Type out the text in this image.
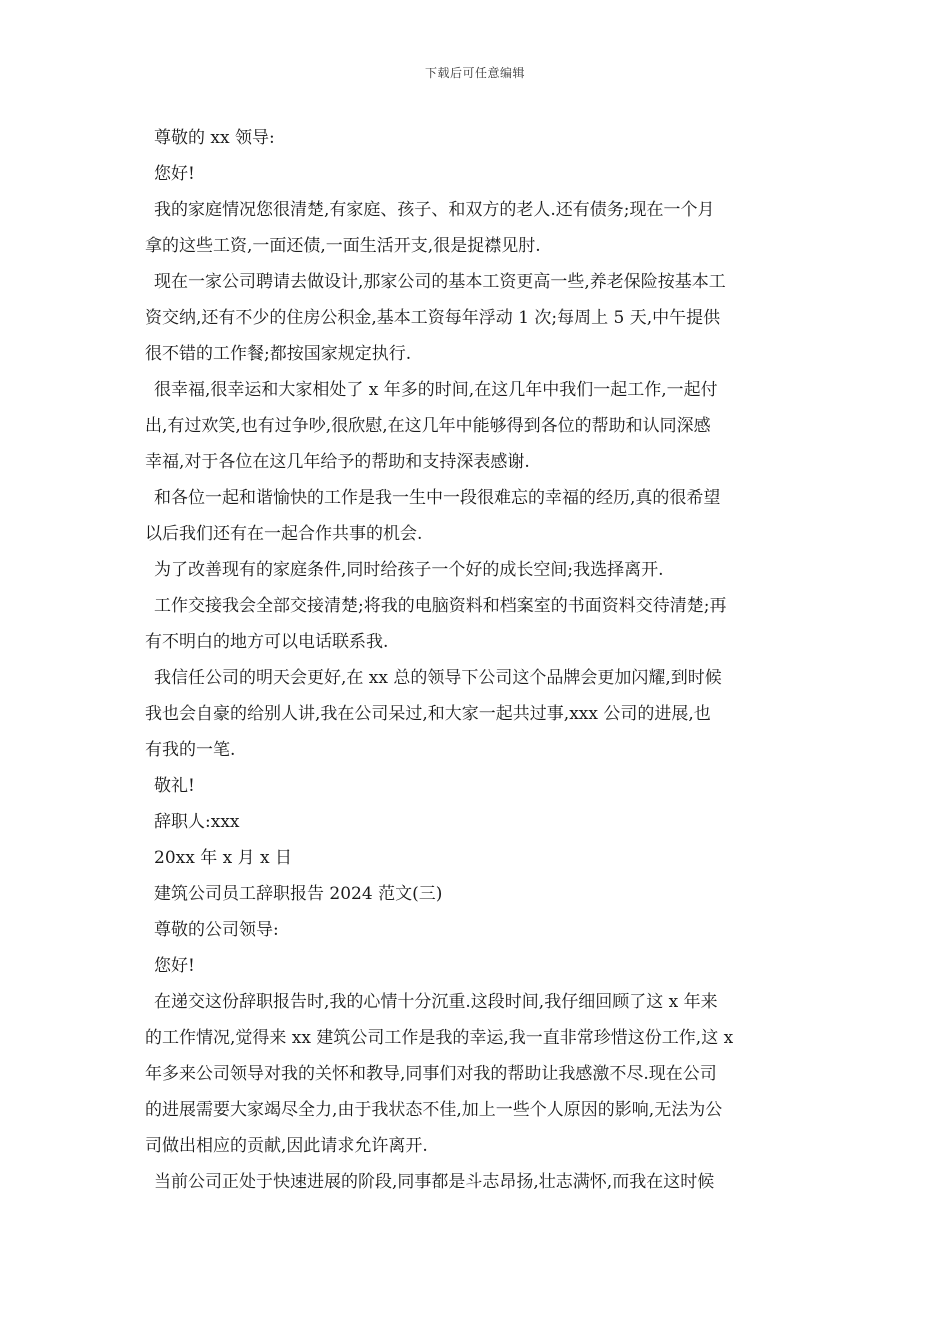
下载后可任意编辑
尊敬的 xx 领导:
您好!
我的家庭情况您很清楚,有家庭、孩子、和双方的老人.还有债务;现在一个月
拿的这些工资,一面还债,一面生活开支,很是捉襟见肘.
现在一家公司聘请去做设计,那家公司的基本工资更高一些,养老保险按基本工
资交纳,还有不少的住房公积金,基本工资每年浮动 1 次;每周上 5 天,中午提供
很不错的工作餐;都按国家规定执行.
很幸福,很幸运和大家相处了 x 年多的时间,在这几年中我们一起工作,一起付
出,有过欢笑,也有过争吵,很欣慰,在这几年中能够得到各位的帮助和认同深感
幸福,对于各位在这几年给予的帮助和支持深表感谢.
和各位一起和谐愉快的工作是我一生中一段很难忘的幸福的经历,真的很希望
以后我们还有在一起合作共事的机会.
为了改善现有的家庭条件,同时给孩子一个好的成长空间;我选择离开.
工作交接我会全部交接清楚;将我的电脑资料和档案室的书面资料交待清楚;再
有不明白的地方可以电话联系我.
我信任公司的明天会更好,在 xx 总的领导下公司这个品牌会更加闪耀,到时候
我也会自豪的给别人讲,我在公司呆过,和大家一起共过事,xxx 公司的进展,也
有我的一笔.
敬礼!
辞职人:xxx
20xx 年 x 月 x 日
建筑公司员工辞职报告 2024 范文(三)
尊敬的公司领导:
您好!
在递交这份辞职报告时,我的心情十分沉重.这段时间,我仔细回顾了这 x 年来
的工作情况,觉得来 xx 建筑公司工作是我的幸运,我一直非常珍惜这份工作,这 x
年多来公司领导对我的关怀和教导,同事们对我的帮助让我感激不尽.现在公司
的进展需要大家竭尽全力,由于我状态不佳,加上一些个人原因的影响,无法为公
司做出相应的贡献,因此请求允许离开.
当前公司正处于快速进展的阶段,同事都是斗志昂扬,壮志满怀,而我在这时候
